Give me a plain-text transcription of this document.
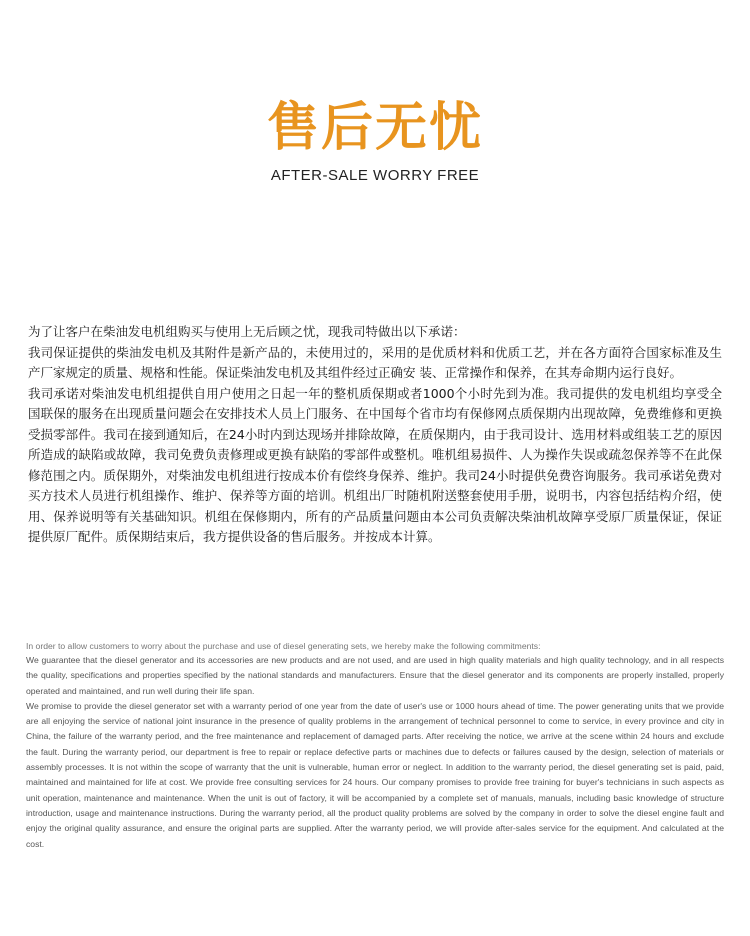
售后无忧
AFTER-SALE WORRY FREE

为了让客户在柴油发电机组购买与使用上无后顾之忧，现我司特做出以下承诺：

我司保证提供的柴油发电机及其附件是新产品的，未使用过的，采用的是优质材料和优质工艺，并在各方面符合国家标准及生产厂家规定的质量、规格和性能。保证柴油发电机及其组件经过正确安 装、正常操作和保养，在其寿命期内运行良好。

我司承诺对柴油发电机组提供自用户使用之日起一年的整机质保期或者1000个小时先到为准。我司提供的发电机组均享受全国联保的服务在出现质量问题会在安排技术人员上门服务、在中国每个省市均有保修网点质保期内出现故障，免费维修和更换受损零部件。我司在接到通知后，在24小时内到达现场并排除故障，在质保期内，由于我司设计、选用材料或组装工艺的原因所造成的缺陷或故障，我司免费负责修理或更换有缺陷的零部件或整机。唯机组易损件、人为操作失误或疏忽保养等不在此保修范围之内。质保期外，对柴油发电机组进行按成本价有偿终身保养、维护。我司24小时提供免费咨询服务。我司承诺免费对买方技术人员进行机组操作、维护、保养等方面的培训。机组出厂时随机附送整套使用手册，说明书，内容包括结构介绍，使用、保养说明等有关基础知识。机组在保修期内，所有的产品质量问题由本公司负责解决柴油机故障享受原厂质量保证，保证提供原厂配件。质保期结束后，我方提供设备的售后服务。并按成本计算。

In order to allow customers to worry about the purchase and use of diesel generating sets, we hereby make the following commitments:

We guarantee that the diesel generator and its accessories are new products and are not used, and are used in high quality materials and high quality technology, and in all respects the quality, specifications and properties specified by the national standards and manufacturers. Ensure that the diesel generator and its components are properly installed, properly operated and maintained, and run well during their life span.

We promise to provide the diesel generator set with a warranty period of one year from the date of user's use or 1000 hours ahead of time. The power generating units that we provide are all enjoying the service of national joint insurance in the presence of quality problems in the arrangement of technical personnel to come to service, in every province and city in China, the failure of the warranty period, and the free maintenance and replacement of damaged parts. After receiving the notice, we arrive at the scene within 24 hours and exclude the fault. During the warranty period, our department is free to repair or replace defective parts or machines due to defects or failures caused by the design, selection of materials or assembly processes. It is not within the scope of warranty that the unit is vulnerable, human error or neglect. In addition to the warranty period, the diesel generating set is paid, paid, maintained and maintained for life at cost. We provide free consulting services for 24 hours. Our company promises to provide free training for buyer's technicians in such aspects as unit operation, maintenance and maintenance. When the unit is out of factory, it will be accompanied by a complete set of manuals, manuals, including basic knowledge of structure introduction, usage and maintenance instructions. During the warranty period, all the product quality problems are solved by the company in order to solve the diesel engine fault and enjoy the original quality assurance, and ensure the original parts are supplied. After the warranty period, we will provide after-sales service for the equipment. And calculated at the cost.
